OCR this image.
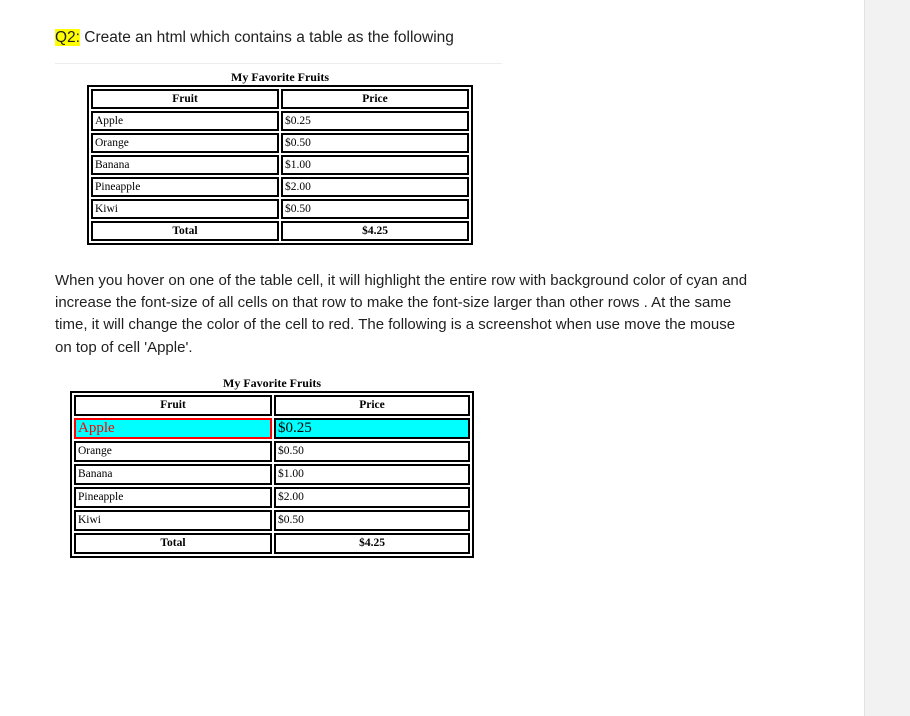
Q2: Create an html which contains a table as the following
My Favorite Fruits
Fruit	Price
Apple	$0.25
Orange	$0.50
Banana	$1.00
Pineapple	$2.00
Kiwi	$0.50
Total	$4.25
When you hover on one of the table cell, it will highlight the entire row with background color of cyan and increase the font-size of all cells on that row to make the font-size larger than other rows . At the same time, it will change the color of the cell to red. The following is a screenshot when use move the mouse on top of cell 'Apple'.
My Favorite Fruits
Fruit	Price
Apple	$0.25
Orange	$0.50
Banana	$1.00
Pineapple	$2.00
Kiwi	$0.50
Total	$4.25
